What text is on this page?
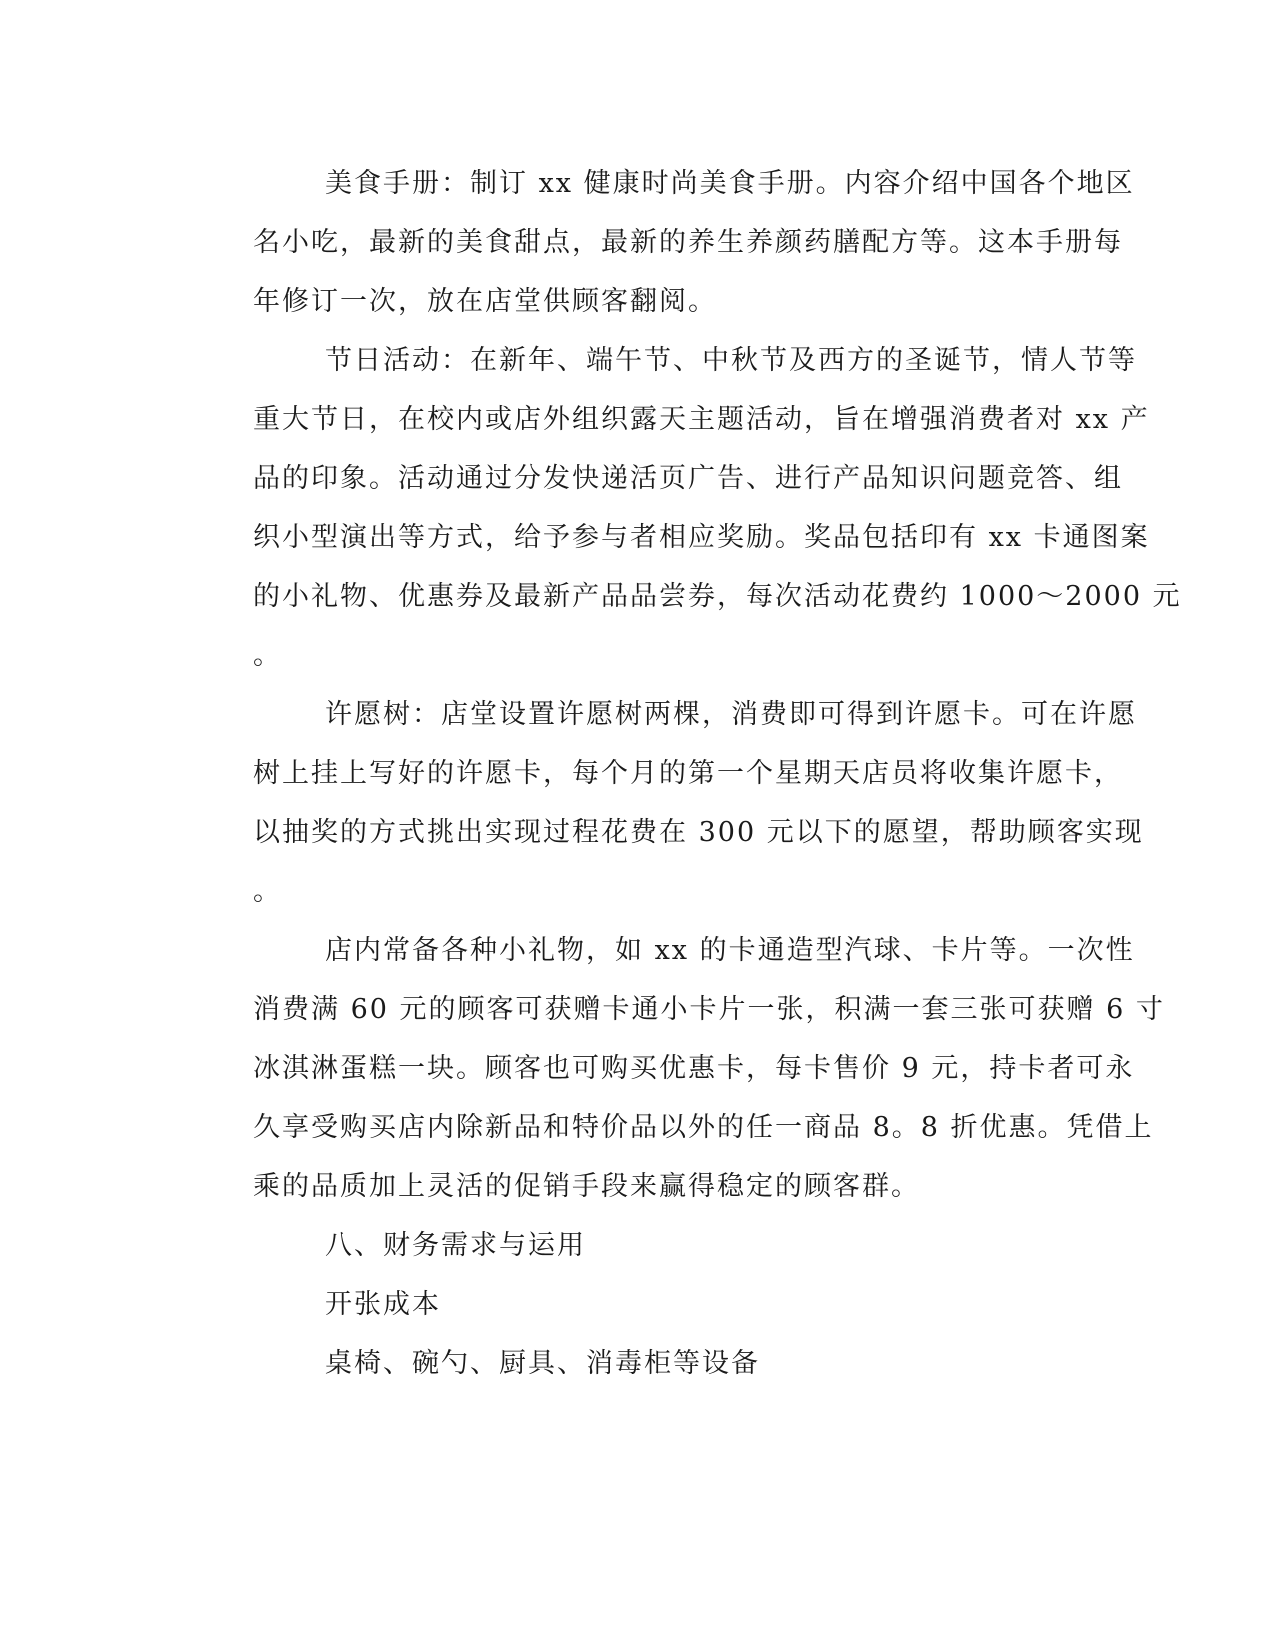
美食手册：制订 xx 健康时尚美食手册。内容介绍中国各个地区
名小吃，最新的美食甜点，最新的养生养颜药膳配方等。这本手册每
年修订一次，放在店堂供顾客翻阅。
节日活动：在新年、端午节、中秋节及西方的圣诞节，情人节等
重大节日，在校内或店外组织露天主题活动，旨在增强消费者对 xx 产
品的印象。活动通过分发快递活页广告、进行产品知识问题竞答、组
织小型演出等方式，给予参与者相应奖励。奖品包括印有 xx 卡通图案
的小礼物、优惠券及最新产品品尝券，每次活动花费约 1000～2000 元
。
许愿树：店堂设置许愿树两棵，消费即可得到许愿卡。可在许愿
树上挂上写好的许愿卡，每个月的第一个星期天店员将收集许愿卡，
以抽奖的方式挑出实现过程花费在 300 元以下的愿望，帮助顾客实现
。
店内常备各种小礼物，如 xx 的卡通造型汽球、卡片等。一次性
消费满 60 元的顾客可获赠卡通小卡片一张，积满一套三张可获赠 6 寸
冰淇淋蛋糕一块。顾客也可购买优惠卡，每卡售价 9 元，持卡者可永
久享受购买店内除新品和特价品以外的任一商品 8。8 折优惠。凭借上
乘的品质加上灵活的促销手段来赢得稳定的顾客群。
八、财务需求与运用
开张成本
桌椅、碗勺、厨具、消毒柜等设备
